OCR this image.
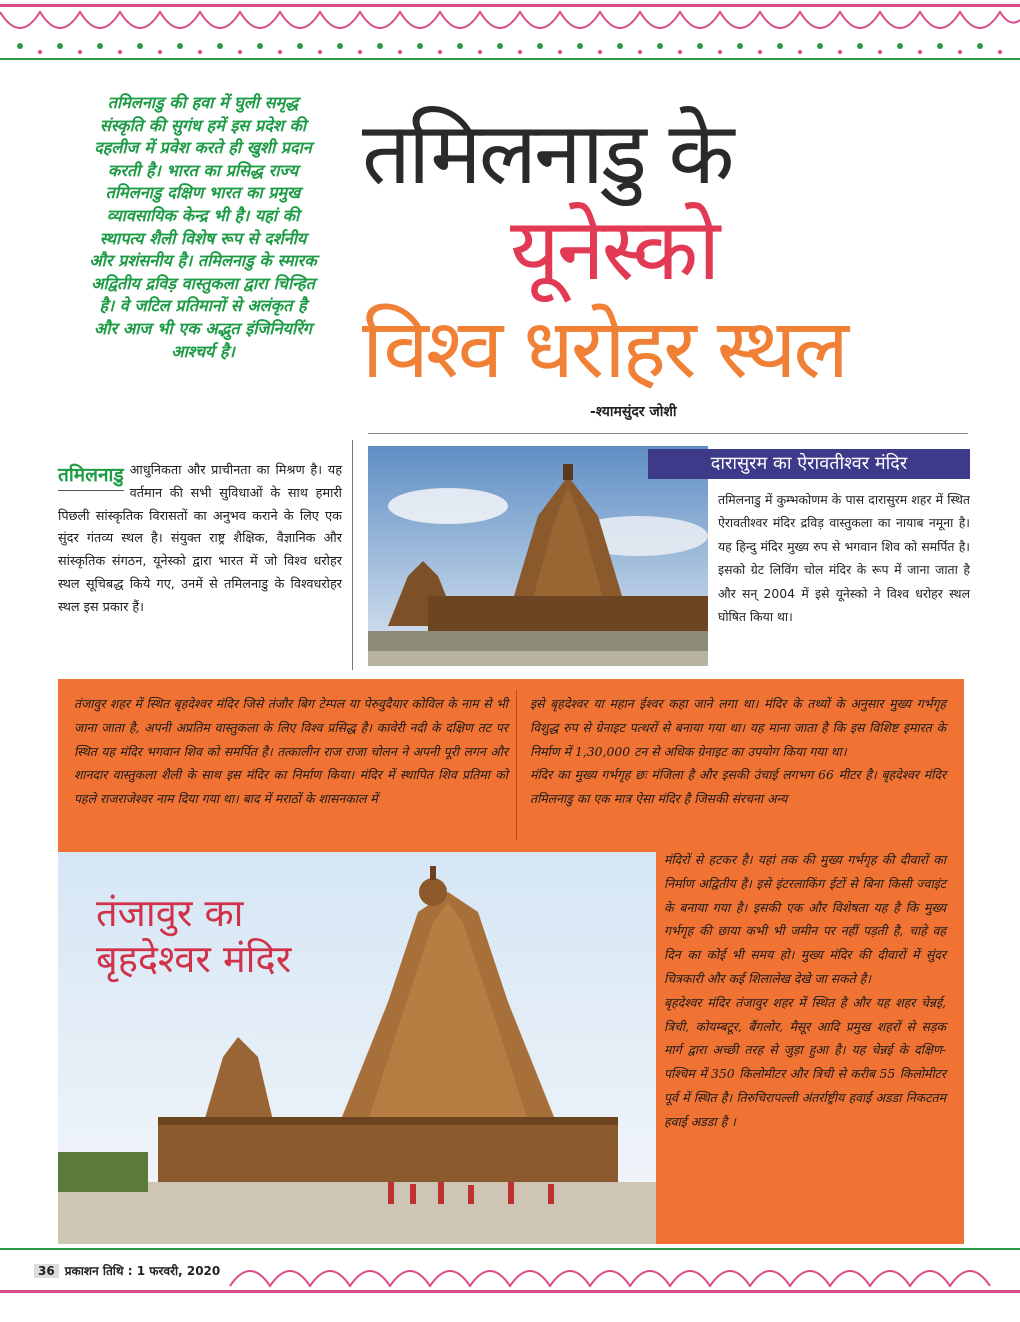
तमिलनाडु की हवा में घुली समृद्ध
संस्कृति की सुगंध हमें इस प्रदेश की
दहलीज में प्रवेश करते ही खुशी प्रदान
करती है। भारत का प्रसिद्ध राज्य
तमिलनाडु दक्षिण भारत का प्रमुख
व्यावसायिक केन्द्र भी है। यहां की
स्थापत्य शैली विशेष रूप से दर्शनीय
और प्रशंसनीय है। तमिलनाडु के स्मारक
अद्वितीय द्रविड़ वास्तुकला द्वारा चिन्हित
है। वे जटिल प्रतिमानों से अलंकृत है
और आज भी एक अद्भुत इंजिनियरिंग
आश्चर्य है।
तमिलनाडु के
यूनेस्को
विश्व धरोहर स्थल
-श्यामसुंदर जोशी
तमिलनाडु आधुनिकता और प्राचीनता का मिश्रण है। यह वर्तमान की सभी सुविधाओं के साथ हमारी पिछली सांस्कृतिक विरासतों का अनुभव कराने के लिए एक सुंदर गंतव्य स्थल है। संयुक्त राष्ट्र शैक्षिक, वैज्ञानिक और सांस्कृतिक संगठन, यूनेस्को द्वारा भारत में जो विश्व धरोहर स्थल सूचिबद्ध किये गए, उनमें से तमिलनाडु के विश्वधरोहर स्थल इस प्रकार हैं।
दारासुरम का ऐरावतीश्वर मंदिर
तमिलनाडु में कुम्भकोणम के पास दारासुरम शहर में स्थित ऐरावतीश्वर मंदिर द्रविड़ वास्तुकला का नायाब नमूना है। यह हिन्दु मंदिर मुख्य रुप से भगवान शिव को समर्पित है। इसको ग्रेट लिविंग चोल मंदिर के रूप में जाना जाता है और सन् 2004 में इसे यूनेस्को ने विश्व धरोहर स्थल घोषित किया था।
तंजावुर शहर में स्थित बृहदेश्वर मंदिर जिसे तंजौर बिग टेम्पल या पेरुवुदैयार कोविल के नाम से भी जाना जाता है, अपनी अप्रतिम वास्तुकला के लिए विश्व प्रसिद्ध है। कावेरी नदी के दक्षिण तट पर स्थित यह मंदिर भगवान शिव को समर्पित है। तत्कालीन राज राजा चोलन ने अपनी पूरी लगन और शानदार वास्तुकला शैली के साथ इस मंदिर का निर्माण किया। मंदिर में स्थापित शिव प्रतिमा को पहले राजराजेश्वर नाम दिया गया था। बाद में मराठों के शासनकाल में
इसे बृहदेश्वर या महान ईश्वर कहा जाने लगा था। मंदिर के तथ्यों के अनुसार मुख्य गर्भगृह विशुद्ध रुप से ग्रेनाइट पत्थरों से बनाया गया था। यह माना जाता है कि इस विशिष्ट इमारत के निर्माण में 1,30,000 टन से अधिक ग्रेनाइट का उपयोग किया गया था।
मंदिर का मुख्य गर्भगृह छः मंजिला है और इसकी उंचाई लगभग 66 मीटर है। बृहदेश्वर मंदिर तमिलनाडु का एक मात्र ऐसा मंदिर है जिसकी संरचना अन्य
मंदिरों से हटकर है। यहां तक की मुख्य गर्भगृह की दीवारों का निर्माण अद्वितीय है। इसे इंटरलाकिंग ईटों से बिना किसी ज्वाइंट के बनाया गया है। इसकी एक और विशेषता यह है कि मुख्य गर्भगृह की छाया कभी भी जमीन पर नहीं पड़ती है, चाहे वह दिन का कोई भी समय हो। मुख्य मंदिर की दीवारों में सुंदर चित्रकारी और कई शिलालेख देखे जा सकते है।
बृहदेश्वर मंदिर तंजावुर शहर में स्थित है और यह शहर चेन्नई, त्रिची, कोयम्बटूर, बैंगलोर, मैसूर आदि प्रमुख शहरों से सड़क मार्ग द्वारा अच्छी तरह से जुड़ा हुआ है। यह चेन्नई के दक्षिण-पश्चिम में 350 किलोमीटर और त्रिची से करीब 55 किलोमीटर पूर्व में स्थित है। तिरुचिरापल्ली अंतर्राष्ट्रीय हवाई अडडा निकटतम हवाई अडडा है ।
तंजावुर का
बृहदेश्वर मंदिर
36 प्रकाशन तिथि : 1 फरवरी, 2020
